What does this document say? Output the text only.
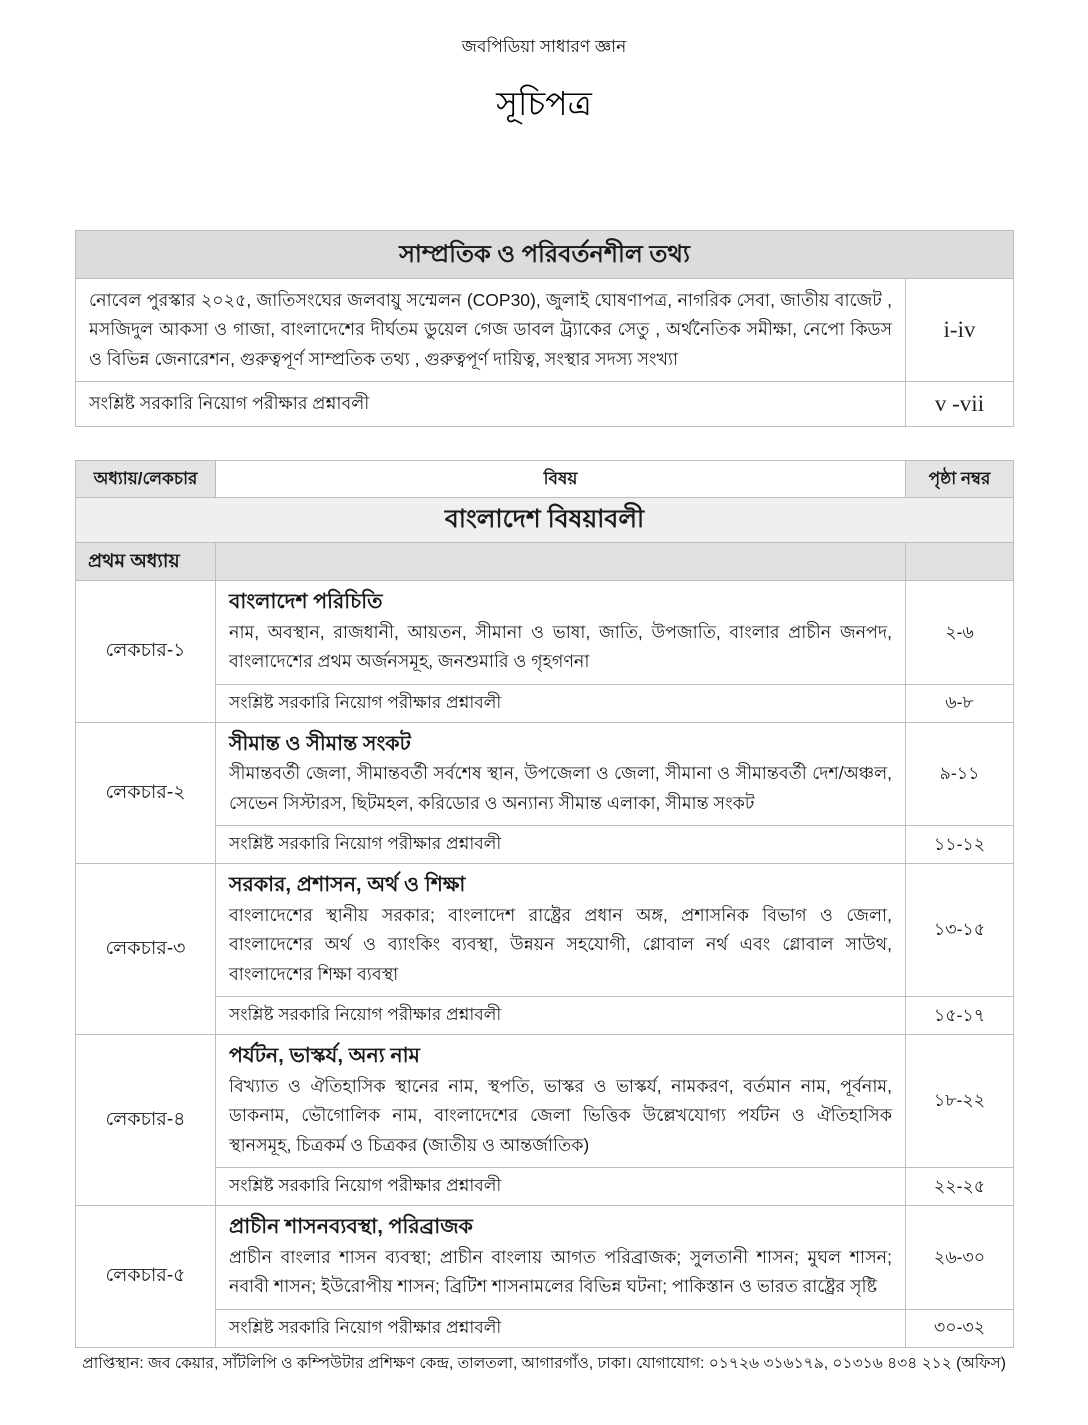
জবপিডিয়া সাধারণ জ্ঞান
সূচিপত্র
সাম্প্রতিক ও পরিবর্তনশীল তথ্য	
নোবেল পুরস্কার ২০২৫, জাতিসংঘের জলবায়ু সম্মেলন (COP30), জুলাই ঘোষণাপত্র, নাগরিক সেবা, জাতীয় বাজেট , মসজিদুল আকসা ও গাজা, বাংলাদেশের দীর্ঘতম ডুয়েল গেজ ডাবল ট্র্যাকের সেতু , অর্থনৈতিক সমীক্ষা, নেপো কিডস ও বিভিন্ন জেনারেশন, গুরুত্বপূর্ণ সাম্প্রতিক তথ্য , গুরুত্বপূর্ণ দায়িত্ব, সংস্থার সদস্য সংখ্যা	i-iv
সংশ্লিষ্ট সরকারি নিয়োগ পরীক্ষার প্রশ্নাবলী	v -vii
অধ্যায়/লেকচার	বিষয়	পৃষ্ঠা নম্বর
বাংলাদেশ বিষয়াবলী		
প্রথম অধ্যায়		
লেকচার-১	বাংলাদেশ পরিচিতি
নাম, অবস্থান, রাজধানী, আয়তন, সীমানা ও ভাষা, জাতি, উপজাতি, বাংলার প্রাচীন জনপদ, বাংলাদেশের প্রথম অর্জনসমূহ, জনশুমারি ও গৃহগণনা	২-৬
	সংশ্লিষ্ট সরকারি নিয়োগ পরীক্ষার প্রশ্নাবলী	৬-৮
লেকচার-২	সীমান্ত ও সীমান্ত সংকট
সীমান্তবর্তী জেলা, সীমান্তবর্তী সর্বশেষ স্থান, উপজেলা ও জেলা, সীমানা ও সীমান্তবর্তী দেশ/অঞ্চল, সেভেন সিস্টারস, ছিটমহল, করিডোর ও অন্যান্য সীমান্ত এলাকা, সীমান্ত সংকট	৯-১১
	সংশ্লিষ্ট সরকারি নিয়োগ পরীক্ষার প্রশ্নাবলী	১১-১২
লেকচার-৩	সরকার, প্রশাসন, অর্থ ও শিক্ষা
বাংলাদেশের স্থানীয় সরকার; বাংলাদেশ রাষ্ট্রের প্রধান অঙ্গ, প্রশাসনিক বিভাগ ও জেলা, বাংলাদেশের অর্থ ও ব্যাংকিং ব্যবস্থা, উন্নয়ন সহযোগী, গ্লোবাল নর্থ এবং গ্লোবাল সাউথ, বাংলাদেশের শিক্ষা ব্যবস্থা	১৩-১৫
	সংশ্লিষ্ট সরকারি নিয়োগ পরীক্ষার প্রশ্নাবলী	১৫-১৭
লেকচার-৪	পর্যটন, ভাস্কর্য, অন্য নাম
বিখ্যাত ও ঐতিহাসিক স্থানের নাম, স্থপতি, ভাস্কর ও ভাস্কর্য, নামকরণ, বর্তমান নাম, পূর্বনাম, ডাকনাম, ভৌগোলিক নাম, বাংলাদেশের জেলা ভিত্তিক উল্লেখযোগ্য পর্যটন ও ঐতিহাসিক স্থানসমূহ, চিত্রকর্ম ও চিত্রকর (জাতীয় ও আন্তর্জাতিক)	১৮-২২
	সংশ্লিষ্ট সরকারি নিয়োগ পরীক্ষার প্রশ্নাবলী	২২-২৫
লেকচার-৫	প্রাচীন শাসনব্যবস্থা, পরিব্রাজক
প্রাচীন বাংলার শাসন ব্যবস্থা; প্রাচীন বাংলায় আগত পরিব্রাজক; সুলতানী শাসন; মুঘল শাসন; নবাবী শাসন; ইউরোপীয় শাসন; ব্রিটিশ শাসনামলের বিভিন্ন ঘটনা; পাকিস্তান ও ভারত রাষ্ট্রের সৃষ্টি	২৬-৩০
	সংশ্লিষ্ট সরকারি নিয়োগ পরীক্ষার প্রশ্নাবলী	৩০-৩২
প্রাপ্তিস্থান: জব কেয়ার, সাঁটলিপি ও কম্পিউটার প্রশিক্ষণ কেন্দ্র, তালতলা, আগারগাঁও, ঢাকা। যোগাযোগ: ০১৭২৬ ৩১৬১৭৯, ০১৩১৬ ৪৩৪ ২১২ (অফিস)
